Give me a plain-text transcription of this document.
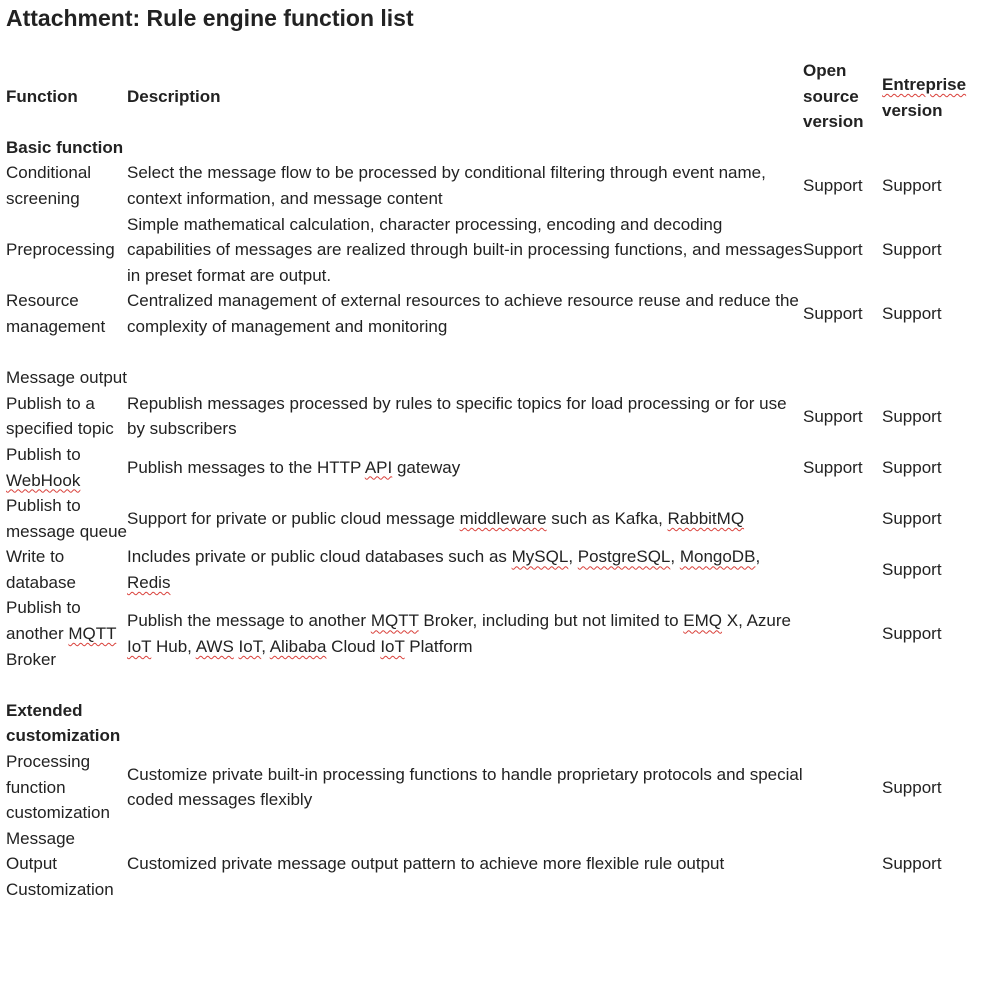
Attachment: Rule engine function list
Function	Description	Open source version	Entreprise version
Basic function			
Conditional screening	Select the message flow to be processed by conditional filtering through event name, context information, and message content	Support	Support
Preprocessing	Simple mathematical calculation, character processing, encoding and decoding capabilities of messages are realized through built-in processing functions, and messages in preset format are output.	Support	Support
Resource management	Centralized management of external resources to achieve resource reuse and reduce the complexity of management and monitoring	Support	Support

Message output			
Publish to a specified topic	Republish messages processed by rules to specific topics for load processing or for use by subscribers	Support	Support
Publish to WebHook	Publish messages to the HTTP API gateway	Support	Support
Publish to message queue	Support for private or public cloud message middleware such as Kafka, RabbitMQ		Support
Write to database	Includes private or public cloud databases such as MySQL, PostgreSQL, MongoDB, Redis		Support
Publish to another MQTT Broker	Publish the message to another MQTT Broker, including but not limited to EMQ X, Azure IoT Hub, AWS IoT, Alibaba Cloud IoT Platform		Support

Extended customization			
Processing function customization	Customize private built-in processing functions to handle proprietary protocols and special coded messages flexibly		Support
Message Output Customization	Customized private message output pattern to achieve more flexible rule output		Support
